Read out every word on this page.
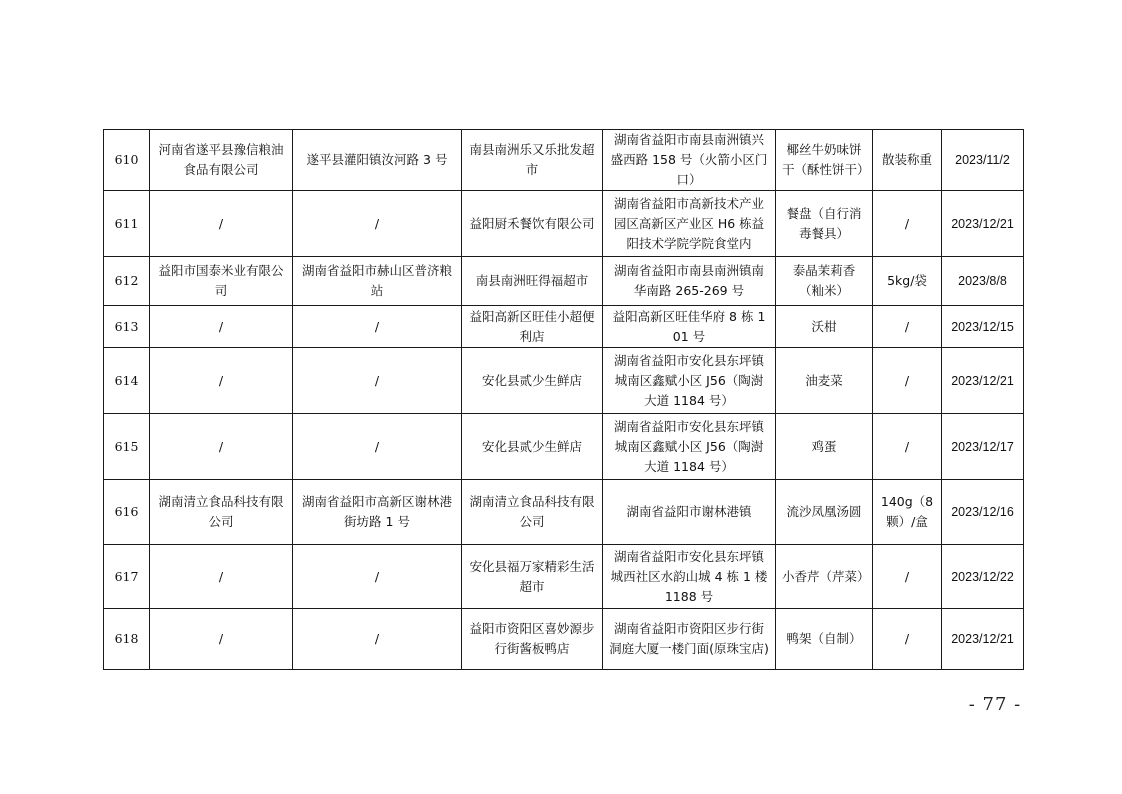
610	河南省遂平县豫信粮油食品有限公司	遂平县灌阳镇汝河路 3 号	南县南洲乐又乐批发超市	湖南省益阳市南县南洲镇兴盛西路 158 号（火箭小区门口）	椰丝牛奶味饼干（酥性饼干）	散装称重	2023/11/2
611	/	/	益阳厨禾餐饮有限公司	湖南省益阳市高新技术产业园区高新区产业区 H6 栋益阳技术学院学院食堂内	餐盘（自行消毒餐具）	/	2023/12/21
612	益阳市国泰米业有限公司	湖南省益阳市赫山区普济粮站	南县南洲旺得福超市	湖南省益阳市南县南洲镇南华南路 265-269 号	泰晶茉莉香（籼米）	5kg/袋	2023/8/8
613	/	/	益阳高新区旺佳小超便利店	益阳高新区旺佳华府 8 栋 101 号	沃柑	/	2023/12/15
614	/	/	安化县贰少生鲜店	湖南省益阳市安化县东坪镇城南区鑫赋小区 J56（陶澍大道 1184 号）	油麦菜	/	2023/12/21
615	/	/	安化县贰少生鲜店	湖南省益阳市安化县东坪镇城南区鑫赋小区 J56（陶澍大道 1184 号）	鸡蛋	/	2023/12/17
616	湖南清立食品科技有限公司	湖南省益阳市高新区谢林港街坊路 1 号	湖南清立食品科技有限公司	湖南省益阳市谢林港镇	流沙凤凰汤圆	140g（8 颗）/盒	2023/12/16
617	/	/	安化县福万家精彩生活超市	湖南省益阳市安化县东坪镇城西社区水韵山城 4 栋 1 楼 1188 号	小香芹（芹菜）	/	2023/12/22
618	/	/	益阳市资阳区喜妙源步行街酱板鸭店	湖南省益阳市资阳区步行街洞庭大厦一楼门面(原珠宝店)	鸭架（自制）	/	2023/12/21
- 77 -
